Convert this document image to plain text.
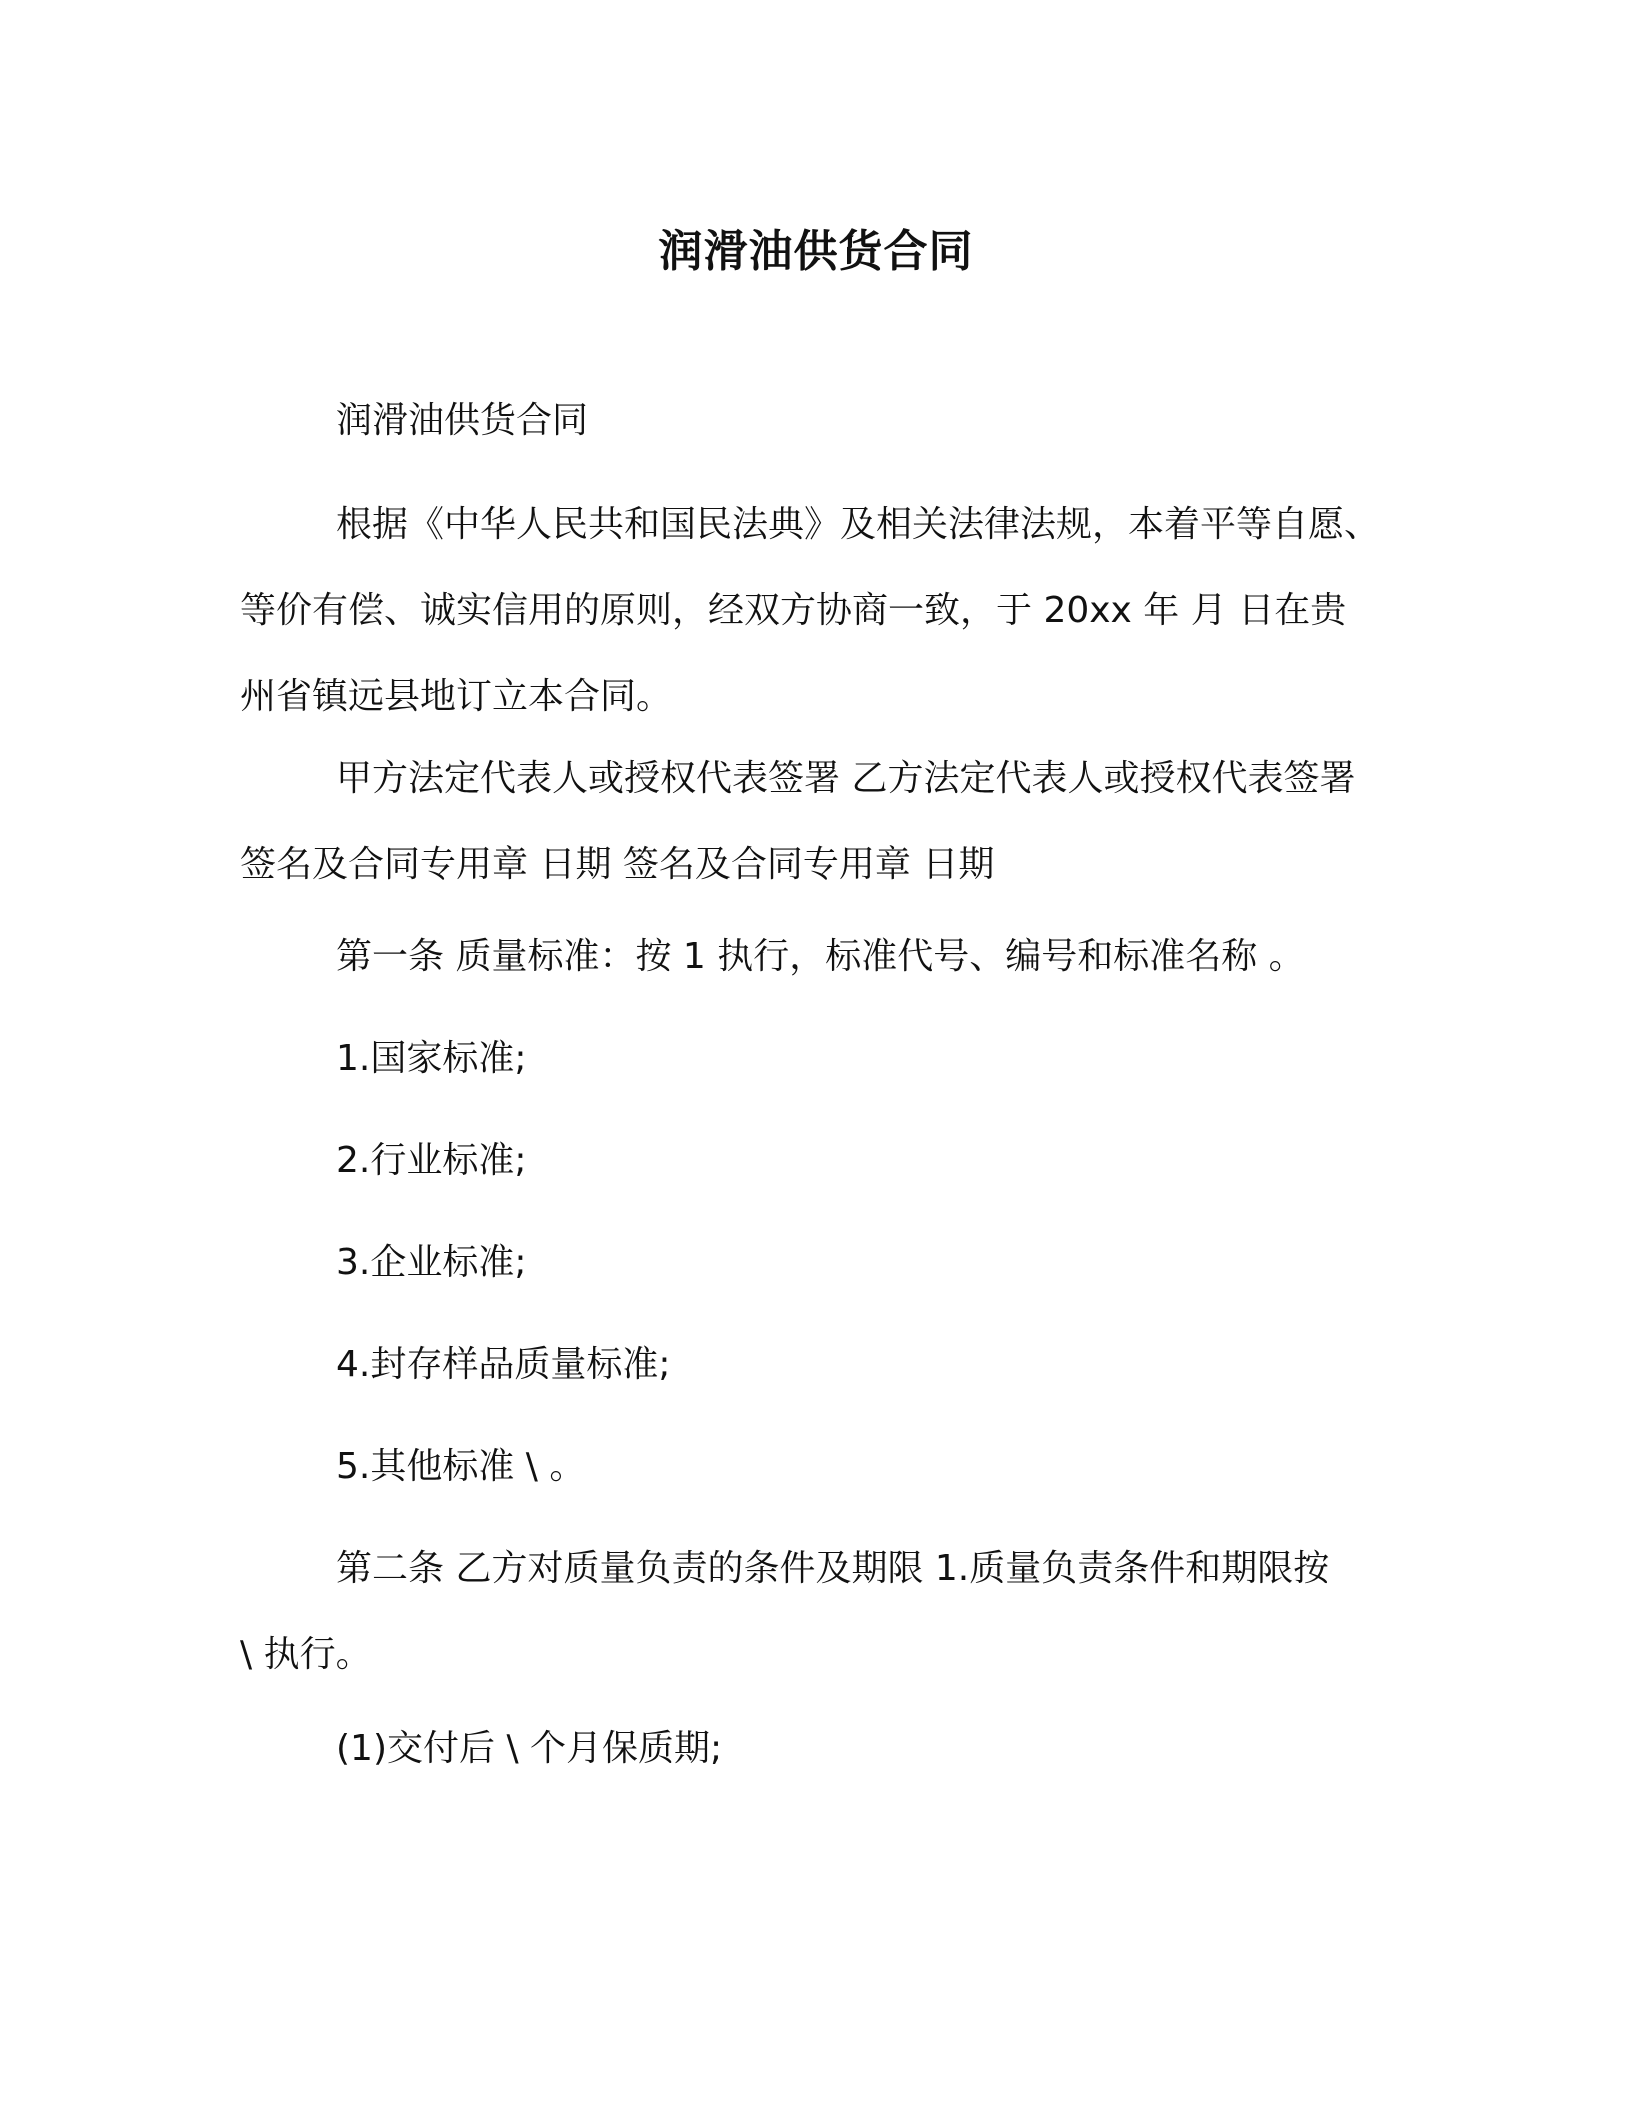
润滑油供货合同

润滑油供货合同

根据《中华人民共和国民法典》及相关法律法规，本着平等自愿、
等价有偿、诚实信用的原则，经双方协商一致，于 20xx 年 月 日在贵
州省镇远县地订立本合同。

甲方法定代表人或授权代表签署 乙方法定代表人或授权代表签署
签名及合同专用章 日期 签名及合同专用章 日期

第一条 质量标准：按 1 执行，标准代号、编号和标准名称 。

1.国家标准;

2.行业标准;

3.企业标准;

4.封存样品质量标准;

5.其他标准 \ 。

第二条 乙方对质量负责的条件及期限 1.质量负责条件和期限按
\ 执行。

(1)交付后 \ 个月保质期;
